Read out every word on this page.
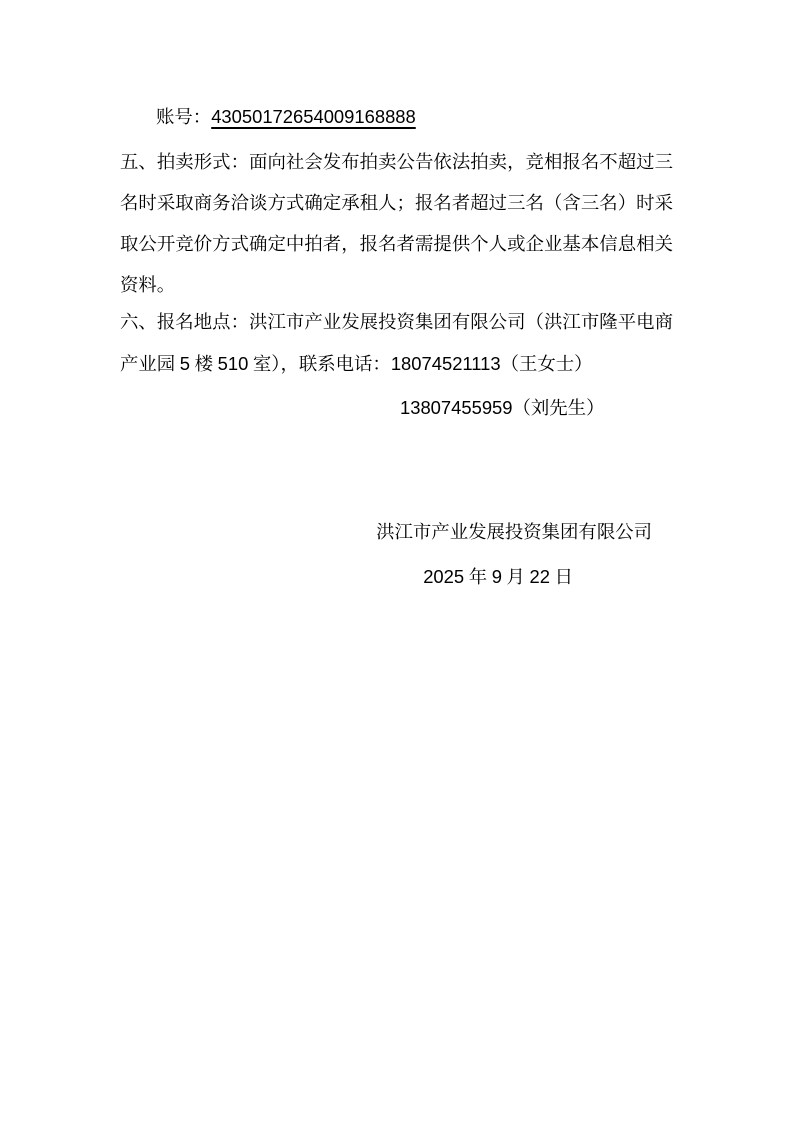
账号：43050172654009168888
五、拍卖形式：面向社会发布拍卖公告依法拍卖，竞相报名不超过三
名时采取商务洽谈方式确定承租人；报名者超过三名（含三名）时采
取公开竞价方式确定中拍者，报名者需提供个人或企业基本信息相关
资料。
六、报名地点：洪江市产业发展投资集团有限公司（洪江市隆平电商
产业园 5 楼 510 室），联系电话：18074521113（王女士）
13807455959（刘先生）
洪江市产业发展投资集团有限公司
2025 年 9 月 22 日
